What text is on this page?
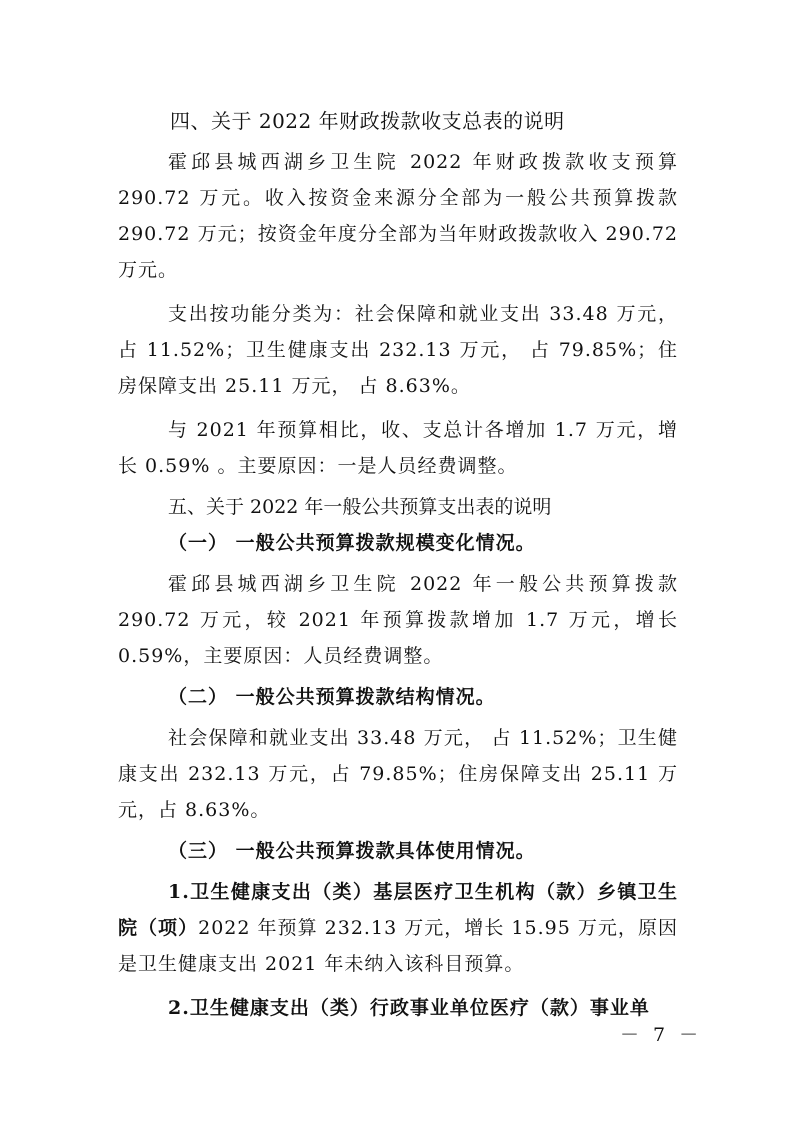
四、关于 2022 年财政拨款收支总表的说明

霍邱县城西湖乡卫生院 2022 年财政拨款收支预算 290.72 万元。收入按资金来源分全部为一般公共预算拨款 290.72 万元；按资金年度分全部为当年财政拨款收入 290.72 万元。

支出按功能分类为：社会保障和就业支出 33.48 万元，占 11.52%；卫生健康支出 232.13 万元， 占 79.85%；住房保障支出 25.11 万元， 占 8.63%。

与 2021 年预算相比，收、支总计各增加 1.7 万元，增长 0.59% 。主要原因：一是人员经费调整。

五、关于 2022 年一般公共预算支出表的说明
（一） 一般公共预算拨款规模变化情况。

霍邱县城西湖乡卫生院 2022 年一般公共预算拨款 290.72 万元，较 2021 年预算拨款增加 1.7 万元，增长 0.59%，主要原因：人员经费调整。

（二） 一般公共预算拨款结构情况。

社会保障和就业支出 33.48 万元， 占 11.52%；卫生健康支出 232.13 万元，占 79.85%；住房保障支出 25.11 万元，占 8.63%。

（三） 一般公共预算拨款具体使用情况。

1.卫生健康支出（类）基层医疗卫生机构（款）乡镇卫生院（项）2022 年预算 232.13 万元，增长 15.95 万元，原因是卫生健康支出 2021 年未纳入该科目预算。

2.卫生健康支出（类）行政事业单位医疗（款）事业单

－ 7 －
